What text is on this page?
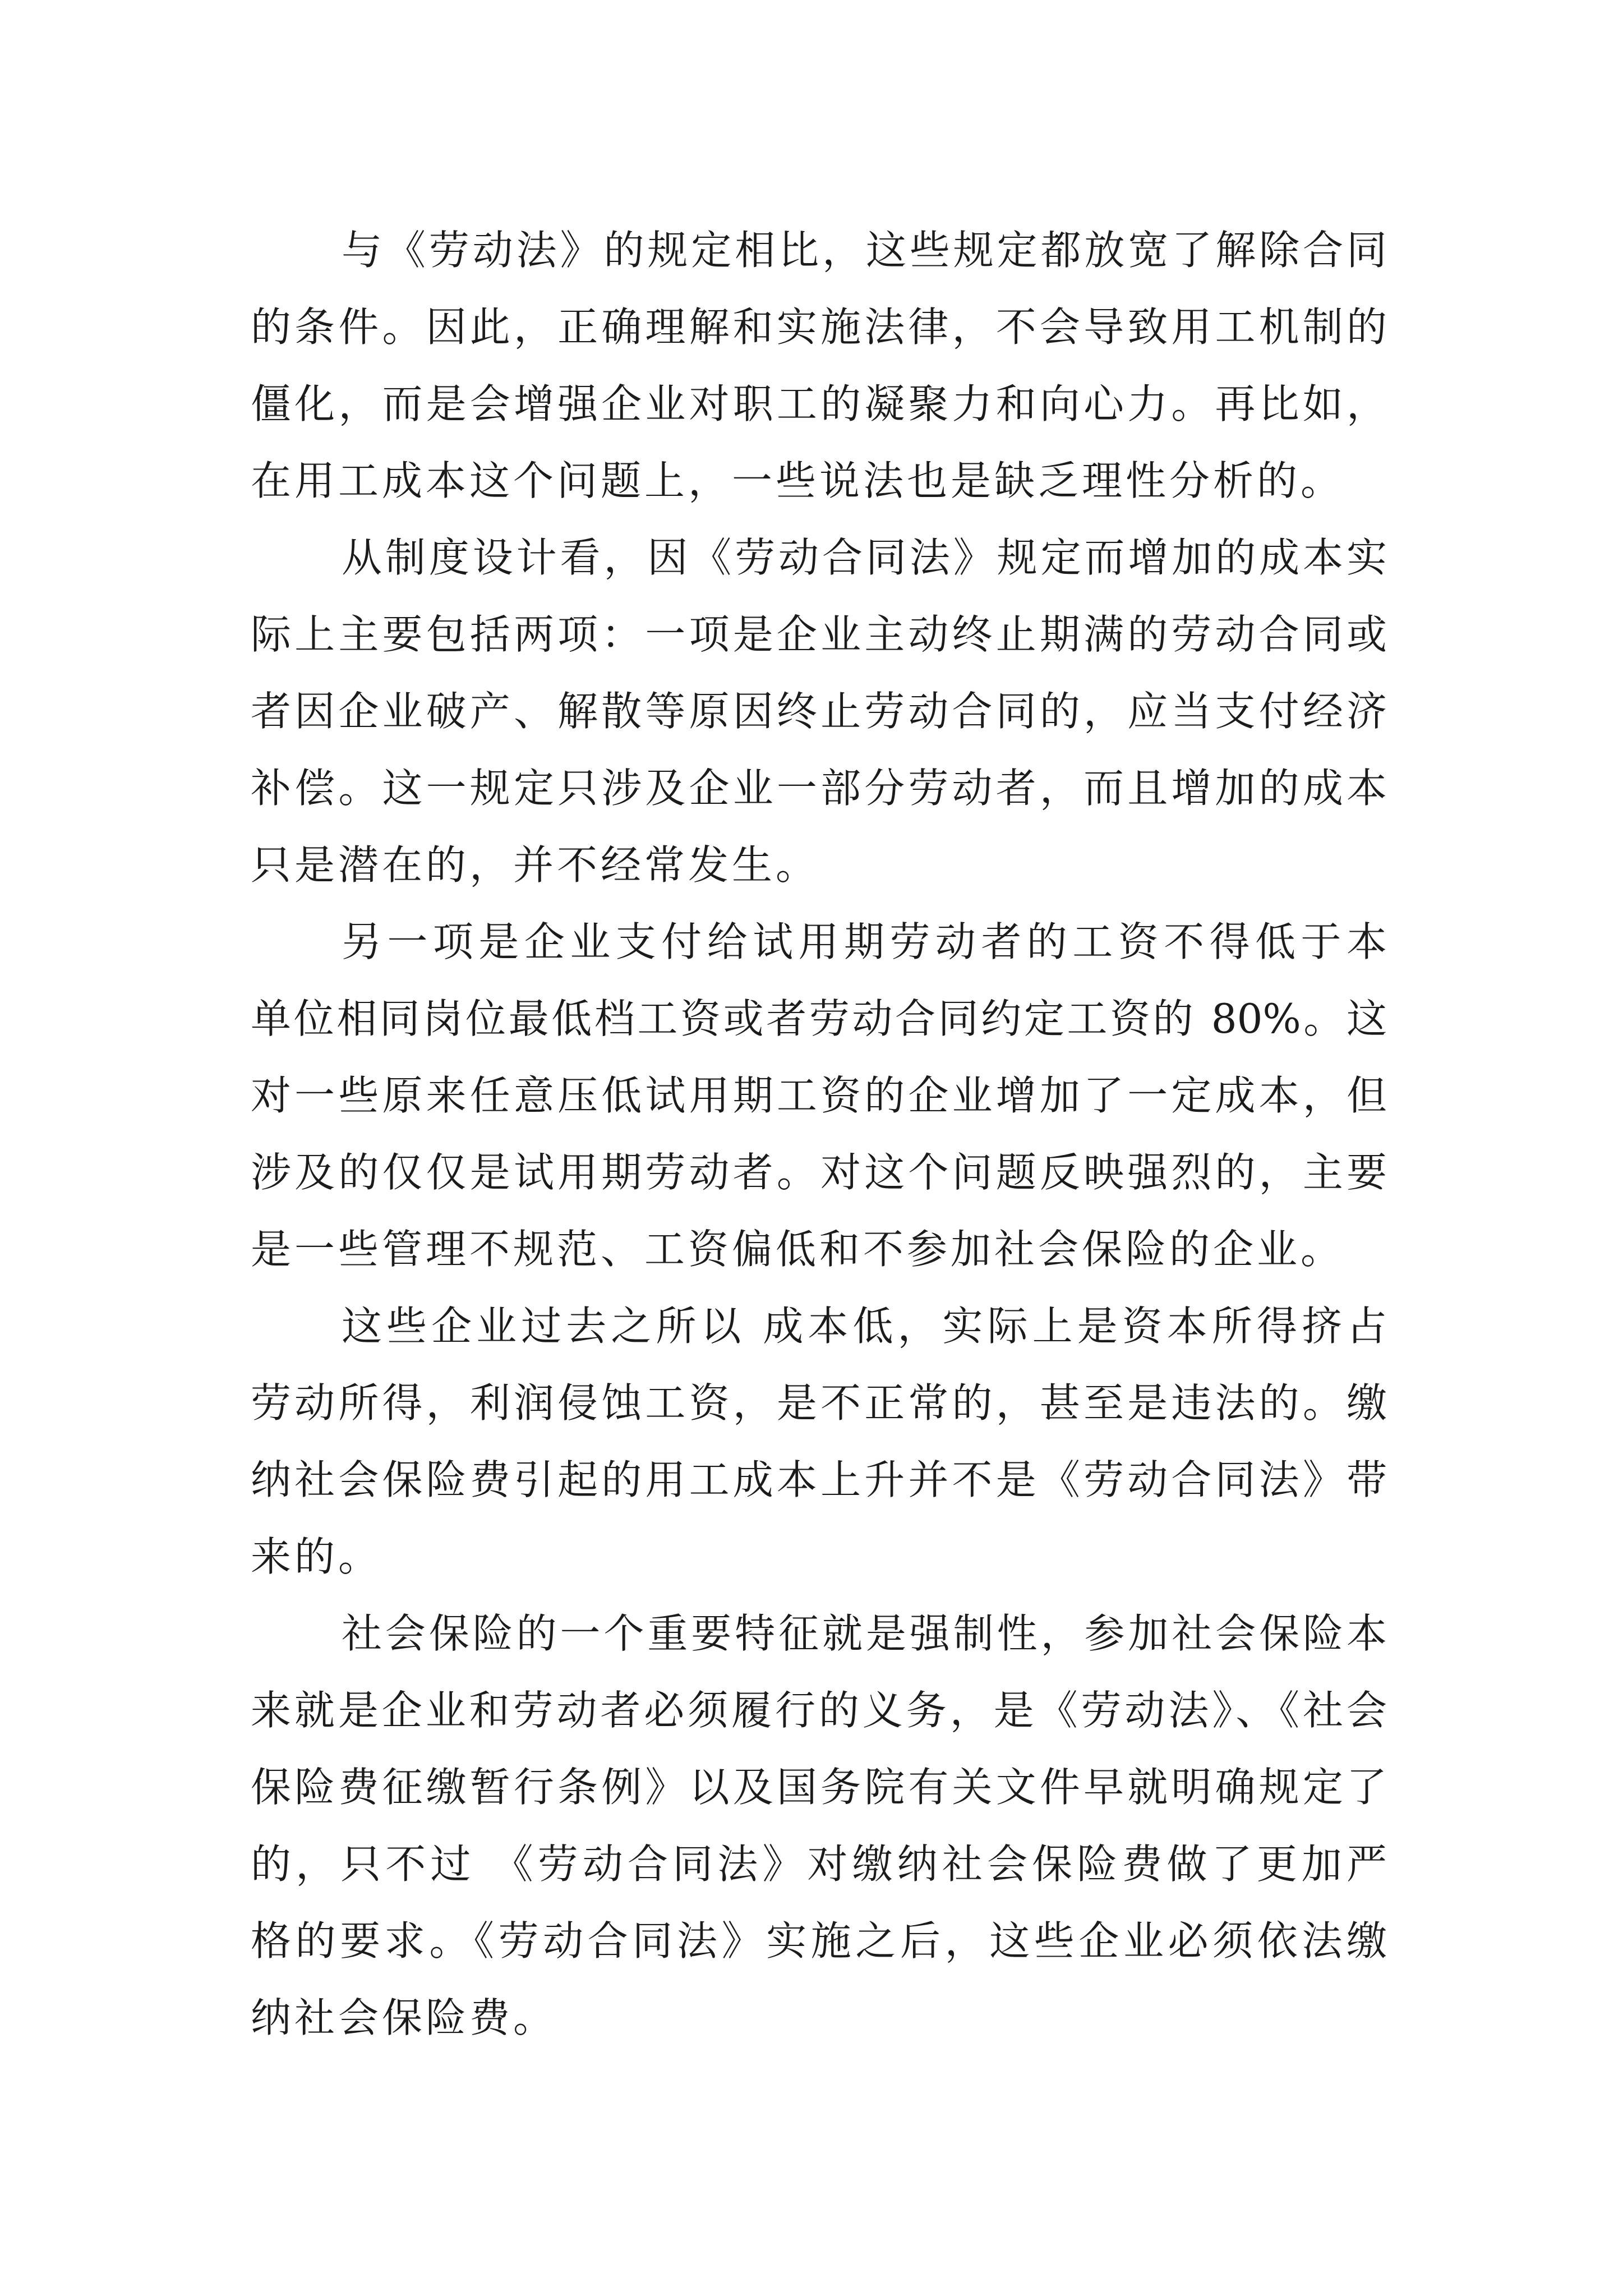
与《劳动法》的规定相比，这些规定都放宽了解除合同
的条件。因此，正确理解和实施法律，不会导致用工机制的
僵化，而是会增强企业对职工的凝聚力和向心力。再比如，
在用工成本这个问题上，一些说法也是缺乏理性分析的。
从制度设计看，因《劳动合同法》规定而增加的成本实
际上主要包括两项：一项是企业主动终止期满的劳动合同或
者因企业破产、解散等原因终止劳动合同的，应当支付经济
补偿。这一规定只涉及企业一部分劳动者，而且增加的成本
只是潜在的，并不经常发生。
另一项是企业支付给试用期劳动者的工资不得低于本
单位相同岗位最低档工资或者劳动合同约定工资的 80%。这
对一些原来任意压低试用期工资的企业增加了一定成本，但
涉及的仅仅是试用期劳动者。对这个问题反映强烈的，主要
是一些管理不规范、工资偏低和不参加社会保险的企业。
这些企业过去之所以 成本低，实际上是资本所得挤占
劳动所得，利润侵蚀工资，是不正常的，甚至是违法的。缴
纳社会保险费引起的用工成本上升并不是《劳动合同法》带
来的。
社会保险的一个重要特征就是强制性，参加社会保险本
来就是企业和劳动者必须履行的义务，是《劳动法》、《社会
保险费征缴暂行条例》以及国务院有关文件早就明确规定了
的，只不过 《劳动合同法》对缴纳社会保险费做了更加严
格的要求。《劳动合同法》实施之后，这些企业必须依法缴
纳社会保险费。
